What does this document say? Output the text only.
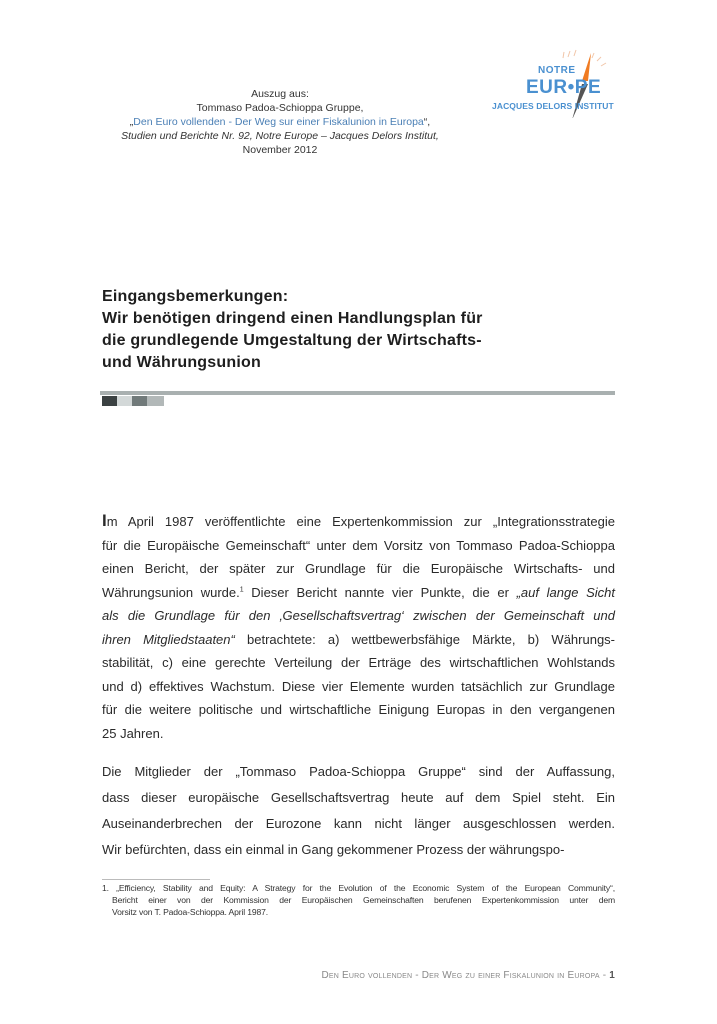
Auszug aus:
Tommaso Padoa-Schioppa Gruppe,
„Den Euro vollenden - Der Weg sur einer Fiskalunion in Europa“,
Studien und Berichte Nr. 92, Notre Europe – Jacques Delors Institut,
November 2012
NOTRE
EUR•PE
JACQUES DELORS INSTITUT
Eingangsbemerkungen:
Wir benötigen dringend einen Handlungsplan für
die grundlegende Umgestaltung der Wirtschafts-
und Währungsunion
Im April 1987 veröffentlichte eine Expertenkommission zur „Integrationsstrategie
für die Europäische Gemeinschaft“ unter dem Vorsitz von Tommaso Padoa-Schioppa
einen Bericht, der später zur Grundlage für die Europäische Wirtschafts- und
Währungsunion wurde.$^1$ Dieser Bericht nannte vier Punkte, die er „auf lange Sicht
als die Grundlage für den ‚Gesellschaftsvertrag‘ zwischen der Gemeinschaft und
ihren Mitgliedstaaten“ betrachtete: a) wettbewerbsfähige Märkte, b) Währungs-
stabilität, c) eine gerechte Verteilung der Erträge des wirtschaftlichen Wohlstands
und d) effektives Wachstum. Diese vier Elemente wurden tatsächlich zur Grundlage
für die weitere politische und wirtschaftliche Einigung Europas in den vergangenen
25 Jahren.
Die Mitglieder der „Tommaso Padoa-Schioppa Gruppe“ sind der Auffassung,
dass dieser europäische Gesellschaftsvertrag heute auf dem Spiel steht. Ein
Auseinanderbrechen der Eurozone kann nicht länger ausgeschlossen werden.
Wir befürchten, dass ein einmal in Gang gekommener Prozess der währungspo-
1. „Efficiency, Stability and Equity: A Strategy for the Evolution of the Economic System of the European Community“,
Bericht einer von der Kommission der Europäischen Gemeinschaften berufenen Expertenkommission unter dem
Vorsitz von T. Padoa-Schioppa. April 1987.
Den Euro vollenden - Der Weg zu einer Fiskalunion in Europa - 1
